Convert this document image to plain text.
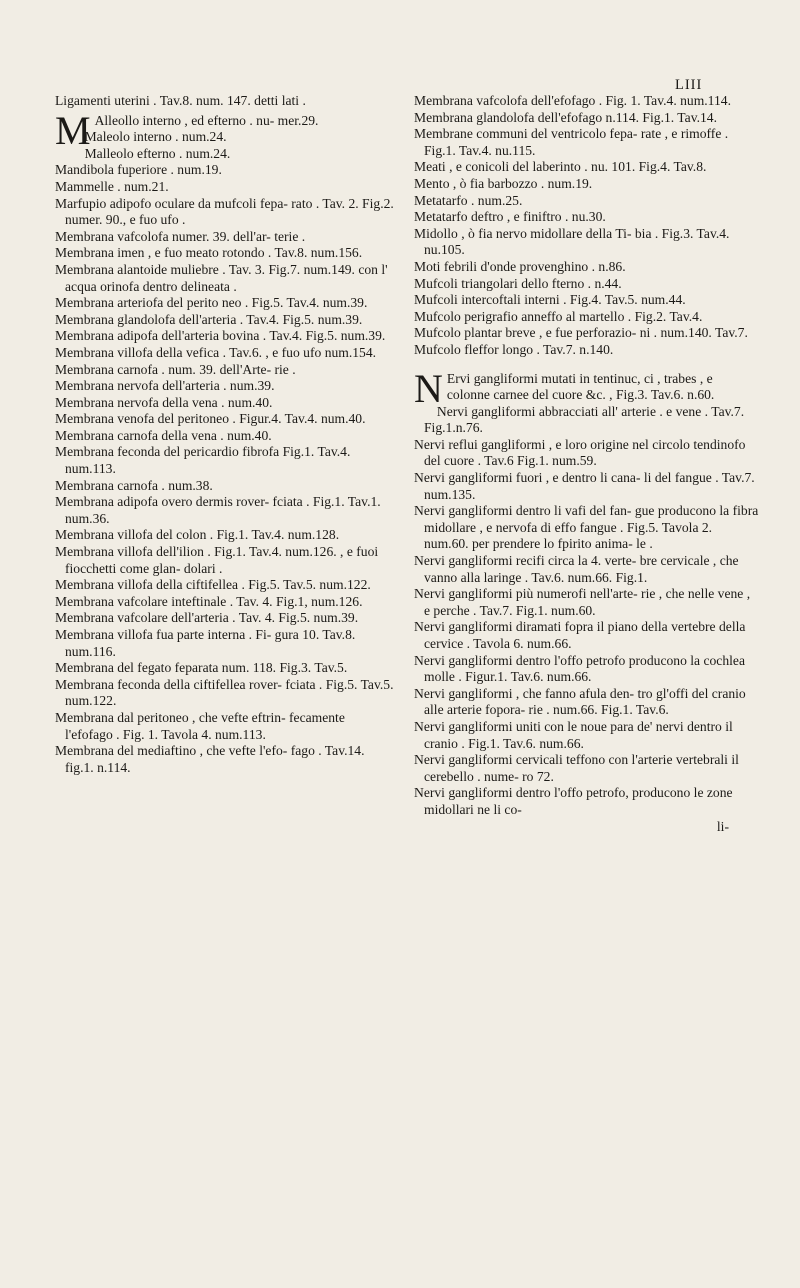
LIII

Ligamenti uterini . Tav.8. num. 147. detti lati .

M Alleollo interno , ed efterno . nu- mer.29.

Maleolo interno . num.24.

Malleolo efterno . num.24.

Mandibola fuperiore . num.19.

Mammelle . num.21.

Marfupio adipofo oculare da mufcoli fepa- rato . Tav. 2. Fig.2. numer. 90., e fuo ufo .

Membrana vafcolofa numer. 39. dell'ar- terie .

Membrana imen , e fuo meato rotondo . Tav.8. num.156.

Membrana alantoide muliebre . Tav. 3. Fig.7. num.149. con l' acqua orinofa dentro delineata .

Membrana arteriofa del perito neo . Fig.5. Tav.4. num.39.

Membrana glandolofa dell'arteria . Tav.4. Fig.5. num.39.

Membrana adipofa dell'arteria bovina . Tav.4. Fig.5. num.39.

Membrana villofa della vefica . Tav.6. , e fuo ufo num.154.

Membrana carnofa . num. 39. dell'Arte- rie .

Membrana nervofa dell'arteria . num.39.

Membrana nervofa della vena . num.40.

Membrana venofa del peritoneo . Figur.4. Tav.4. num.40.

Membrana carnofa della vena . num.40.

Membrana feconda del pericardio fibrofa Fig.1. Tav.4. num.113.

Membrana carnofa . num.38.

Membrana adipofa overo dermis rover- fciata . Fig.1. Tav.1. num.36.

Membrana villofa del colon . Fig.1. Tav.4. num.128.

Membrana villofa dell'ilion . Fig.1. Tav.4. num.126. , e fuoi fiocchetti come glan- dolari .

Membrana villofa della ciftifellea . Fig.5. Tav.5. num.122.

Membrana vafcolare inteftinale . Tav. 4. Fig.1, num.126.

Membrana vafcolare dell'arteria . Tav. 4. Fig.5. num.39.

Membrana villofa fua parte interna . Fi- gura 10. Tav.8. num.116.

Membrana del fegato feparata num. 118. Fig.3. Tav.5.

Membrana feconda della ciftifellea rover- fciata . Fig.5. Tav.5. num.122.

Membrana dal peritoneo , che vefte eftrin- fecamente l'efofago . Fig. 1. Tavola 4. num.113.

Membrana del mediaftino , che vefte l'efo- fago . Tav.14. fig.1. n.114.

Membrana vafcolofa dell'efofago . Fig. 1. Tav.4. num.114.

Membrana glandolofa dell'efofago n.114. Fig.1. Tav.14.

Membrane communi del ventricolo fepa- rate , e rimoffe . Fig.1. Tav.4. nu.115.

Meati , e conicoli del laberinto . nu. 101. Fig.4. Tav.8.

Mento , ò fia barbozzo . num.19.

Metatarfo . num.25.

Metatarfo deftro , e finiftro . nu.30.

Midollo , ò fia nervo midollare della Ti- bia . Fig.3. Tav.4. nu.105.

Moti febrili d'onde provenghino . n.86.

Mufcoli triangolari dello fterno . n.44.

Mufcoli intercoftali interni . Fig.4. Tav.5. num.44.

Mufcolo perigrafio anneffo al martello . Fig.2. Tav.4.

Mufcolo plantar breve , e fue perforazio- ni . num.140. Tav.7.

Mufcolo fleffor longo . Tav.7. n.140.

N Ervi gangliformi mutati in tentinuc, ci , trabes , e colonne carnee del cuore &c. , Fig.3. Tav.6. n.60.

Nervi gangliformi abbracciati all' arterie . e vene . Tav.7. Fig.1.n.76.

Nervi reflui gangliformi , e loro origine nel circolo tendinofo del cuore . Tav.6 Fig.1. num.59.

Nervi gangliformi fuori , e dentro li cana- li del fangue . Tav.7. num.135.

Nervi gangliformi dentro li vafi del fan- gue producono la fibra midollare , e nervofa di effo fangue . Fig.5. Tavola 2. num.60. per prendere lo fpirito anima- le .

Nervi gangliformi recifi circa la 4. verte- bre cervicale , che vanno alla laringe . Tav.6. num.66. Fig.1.

Nervi gangliformi più numerofi nell'arte- rie , che nelle vene , e perche . Tav.7. Fig.1. num.60.

Nervi gangliformi diramati fopra il piano della vertebre della cervice . Tavola 6. num.66.

Nervi gangliformi dentro l'offo petrofo producono la cochlea molle . Figur.1. Tav.6. num.66.

Nervi gangliformi , che fanno afula den- tro gl'offi del cranio alle arterie fopora- rie . num.66. Fig.1. Tav.6.

Nervi gangliformi uniti con le noue para de' nervi dentro il cranio . Fig.1. Tav.6. num.66.

Nervi gangliformi cervicali teffono con l'arterie vertebrali il cerebello . nume- ro 72.

Nervi gangliformi dentro l'offo petrofo, producono le zone midollari ne li co-

li-
